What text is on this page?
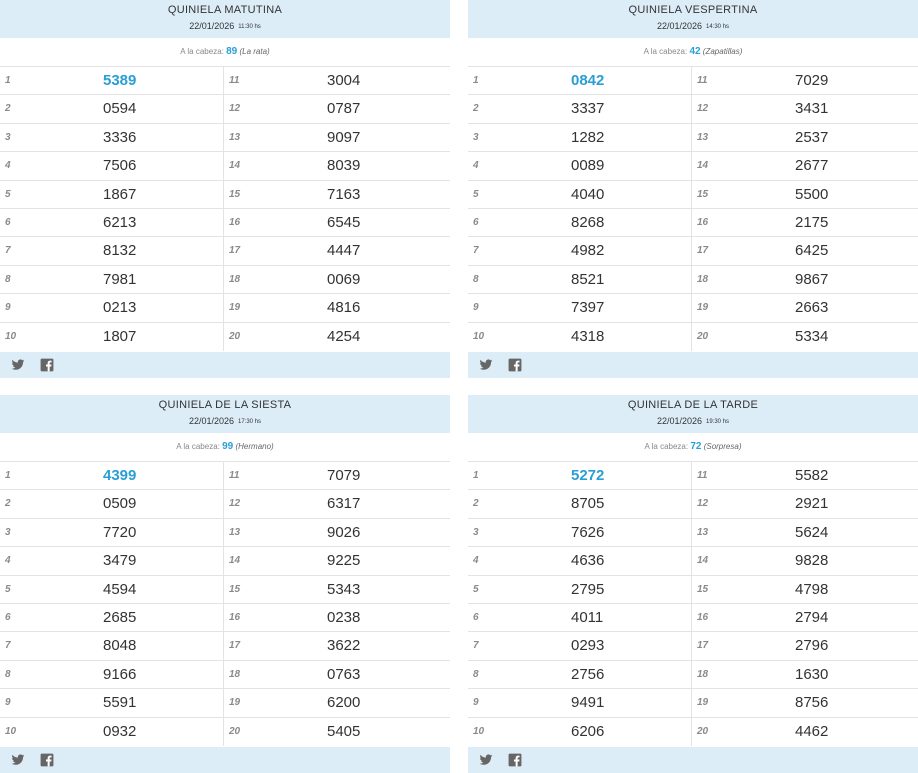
QUINIELA MATUTINA
22/01/2026 11:30 hs
A la cabeza: 89 (La rata)
1	5389	11	3004
2	0594	12	0787
3	3336	13	9097
4	7506	14	8039
5	1867	15	7163
6	6213	16	6545
7	8132	17	4447
8	7981	18	0069
9	0213	19	4816
10	1807	20	4254
QUINIELA VESPERTINA
22/01/2026 14:30 hs
A la cabeza: 42 (Zapatillas)
1	0842	11	7029
2	3337	12	3431
3	1282	13	2537
4	0089	14	2677
5	4040	15	5500
6	8268	16	2175
7	4982	17	6425
8	8521	18	9867
9	7397	19	2663
10	4318	20	5334
QUINIELA DE LA SIESTA
22/01/2026 17:30 hs
A la cabeza: 99 (Hermano)
1	4399	11	7079
2	0509	12	6317
3	7720	13	9026
4	3479	14	9225
5	4594	15	5343
6	2685	16	0238
7	8048	17	3622
8	9166	18	0763
9	5591	19	6200
10	0932	20	5405
QUINIELA DE LA TARDE
22/01/2026 19:30 hs
A la cabeza: 72 (Sorpresa)
1	5272	11	5582
2	8705	12	2921
3	7626	13	5624
4	4636	14	9828
5	2795	15	4798
6	4011	16	2794
7	0293	17	2796
8	2756	18	1630
9	9491	19	8756
10	6206	20	4462
